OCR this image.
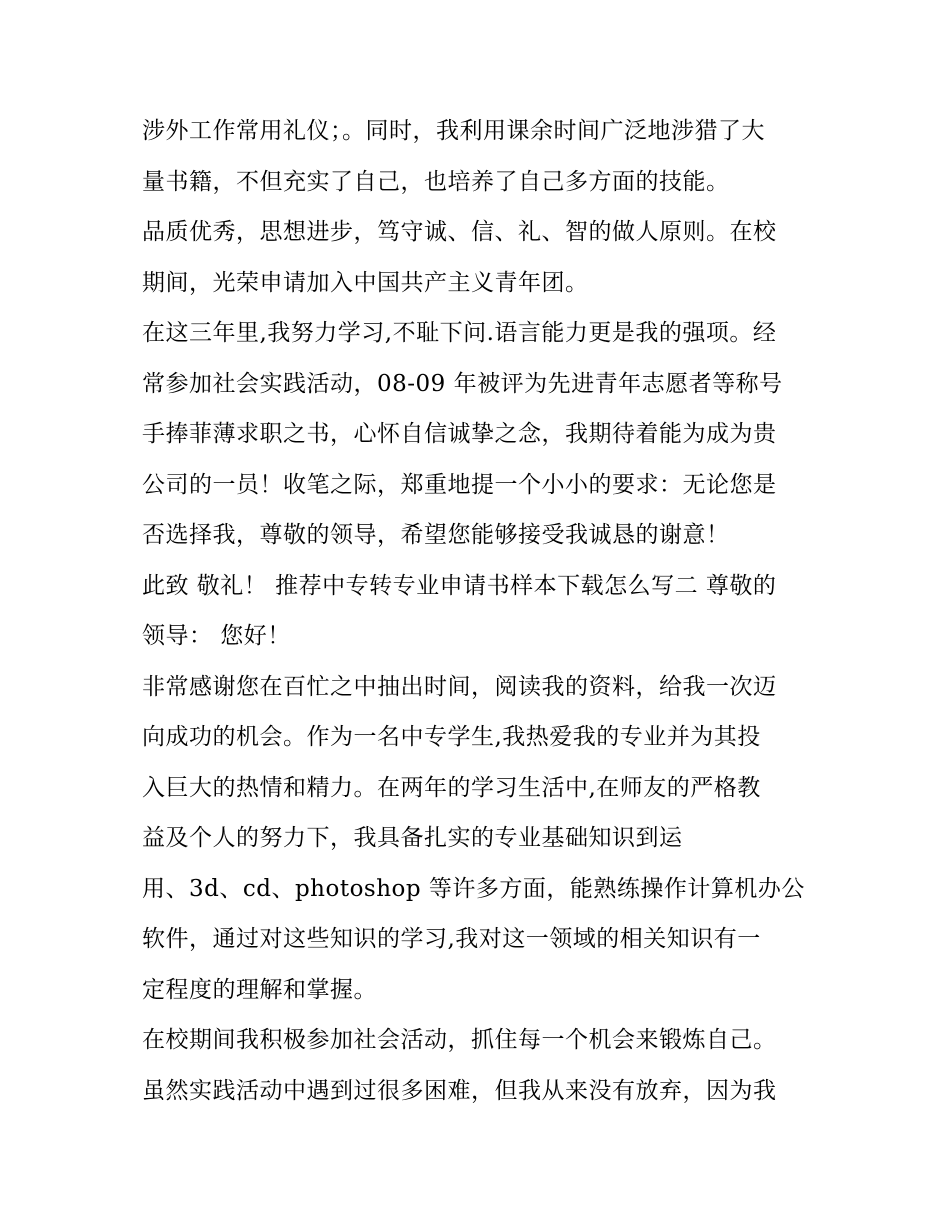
涉外工作常用礼仪；。同时，我利用课余时间广泛地涉猎了大
量书籍，不但充实了自己，也培养了自己多方面的技能。
品质优秀，思想进步，笃守诚、信、礼、智的做人原则。在校
期间，光荣申请加入中国共产主义青年团。
在这三年里,我努力学习,不耻下问.语言能力更是我的强项。经
常参加社会实践活动，08-09 年被评为先进青年志愿者等称号
手捧菲薄求职之书，心怀自信诚挚之念，我期待着能为成为贵
公司的一员！收笔之际，郑重地提一个小小的要求：无论您是
否选择我，尊敬的领导，希望您能够接受我诚恳的谢意！
此致 敬礼！ 推荐中专转专业申请书样本下载怎么写二 尊敬的
领导： 您好！
非常感谢您在百忙之中抽出时间，阅读我的资料，给我一次迈
向成功的机会。作为一名中专学生,我热爱我的专业并为其投
入巨大的热情和精力。在两年的学习生活中,在师友的严格教
益及个人的努力下，我具备扎实的专业基础知识到运
用、3d、cd、photoshop 等许多方面，能熟练操作计算机办公
软件，通过对这些知识的学习,我对这一领域的相关知识有一
定程度的理解和掌握。
在校期间我积极参加社会活动，抓住每一个机会来锻炼自己。
虽然实践活动中遇到过很多困难，但我从来没有放弃，因为我
